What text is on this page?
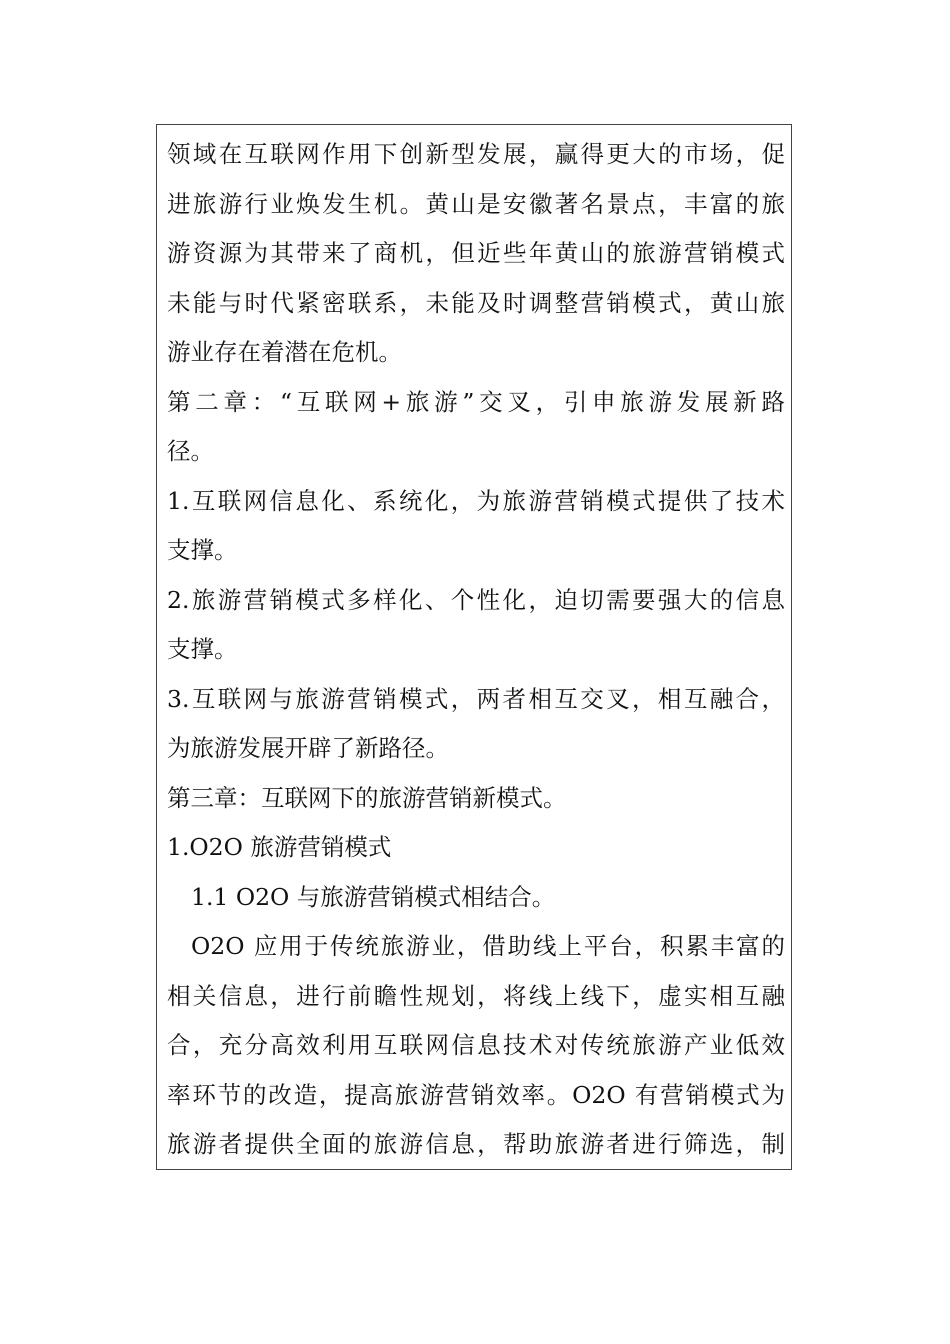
领域在互联网作用下创新型发展，赢得更大的市场，促
进旅游行业焕发生机。黄山是安徽著名景点，丰富的旅
游资源为其带来了商机，但近些年黄山的旅游营销模式
未能与时代紧密联系，未能及时调整营销模式，黄山旅
游业存在着潜在危机。
第二章：“互联网+旅游”交叉，引申旅游发展新路
径。
1.互联网信息化、系统化，为旅游营销模式提供了技术
支撑。
2.旅游营销模式多样化、个性化，迫切需要强大的信息
支撑。
3.互联网与旅游营销模式，两者相互交叉，相互融合，
为旅游发展开辟了新路径。
第三章：互联网下的旅游营销新模式。
1.O2O 旅游营销模式
1.1 O2O 与旅游营销模式相结合。
O2O 应用于传统旅游业，借助线上平台，积累丰富的
相关信息，进行前瞻性规划，将线上线下，虚实相互融
合，充分高效利用互联网信息技术对传统旅游产业低效
率环节的改造，提高旅游营销效率。O2O 有营销模式为
旅游者提供全面的旅游信息，帮助旅游者进行筛选，制
